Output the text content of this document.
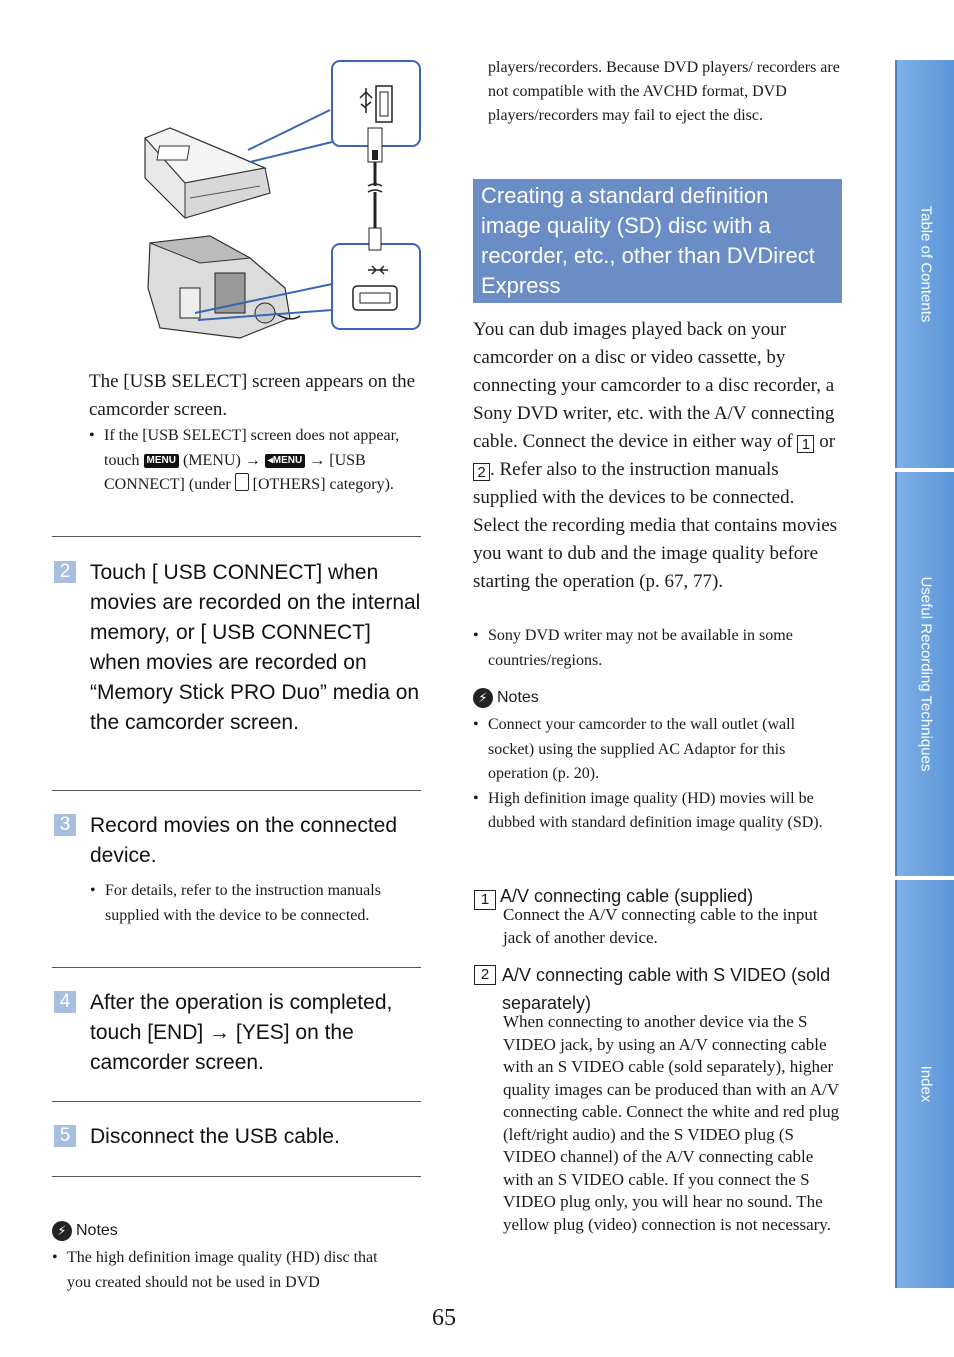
The [USB SELECT] screen appears on the camcorder screen.
• If the [USB SELECT] screen does not appear, touch MENU (MENU) → ◂MENU → [USB CONNECT] (under [OTHERS] category).
2 Touch [ USB CONNECT] when movies are recorded on the internal memory, or [ USB CONNECT] when movies are recorded on “Memory Stick PRO Duo” media on the camcorder screen.
3 Record movies on the connected device.
• For details, refer to the instruction manuals supplied with the device to be connected.
4 After the operation is completed, touch [END] → [YES] on the camcorder screen.
5 Disconnect the USB cable.
⚡ Notes
• The high definition image quality (HD) disc that you created should not be used in DVD
players/recorders. Because DVD players/ recorders are not compatible with the AVCHD format, DVD players/recorders may fail to eject the disc.
Creating a standard definition image quality (SD) disc with a recorder, etc., other than DVDirect Express
You can dub images played back on your camcorder on a disc or video cassette, by connecting your camcorder to a disc recorder, a Sony DVD writer, etc. with the A/V connecting cable. Connect the device in either way of 1 or 2 . Refer also to the instruction manuals supplied with the devices to be connected. Select the recording media that contains movies you want to dub and the image quality before starting the operation (p. 67, 77).
• Sony DVD writer may not be available in some countries/regions.
⚡ Notes
• Connect your camcorder to the wall outlet (wall socket) using the supplied AC Adaptor for this operation (p. 20).
• High definition image quality (HD) movies will be dubbed with standard definition image quality (SD).
1 A/V connecting cable (supplied)
Connect the A/V connecting cable to the input jack of another device.
2 A/V connecting cable with S VIDEO (sold separately)
When connecting to another device via the S VIDEO jack, by using an A/V connecting cable with an S VIDEO cable (sold separately), higher quality images can be produced than with an A/V connecting cable. Connect the white and red plug (left/right audio) and the S VIDEO plug (S VIDEO channel) of the A/V connecting cable with an S VIDEO cable. If you connect the S VIDEO plug only, you will hear no sound. The yellow plug (video) connection is not necessary.
65
Table of Contents
Useful Recording Techniques
Index
